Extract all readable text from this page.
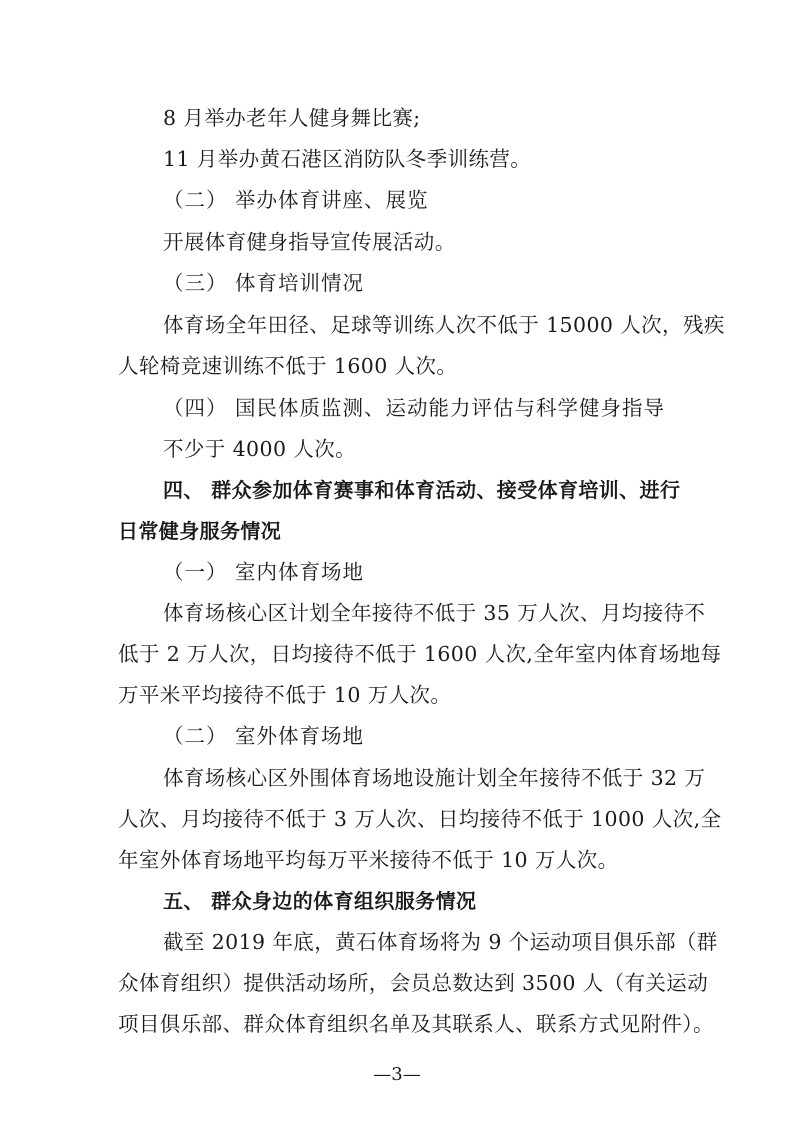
8 月举办老年人健身舞比赛;

11 月举办黄石港区消防队冬季训练营。

（二） 举办体育讲座、展览

开展体育健身指导宣传展活动。

（三） 体育培训情况

体育场全年田径、足球等训练人次不低于 15000 人次，残疾

人轮椅竞速训练不低于 1600 人次。

（四） 国民体质监测、运动能力评估与科学健身指导

不少于 4000 人次。

四、 群众参加体育赛事和体育活动、接受体育培训、进行

日常健身服务情况

（一） 室内体育场地

体育场核心区计划全年接待不低于 35 万人次、月均接待不

低于 2 万人次，日均接待不低于 1600 人次,全年室内体育场地每

万平米平均接待不低于 10 万人次。

（二） 室外体育场地

体育场核心区外围体育场地设施计划全年接待不低于 32 万

人次、月均接待不低于 3 万人次、日均接待不低于 1000 人次,全

年室外体育场地平均每万平米接待不低于 10 万人次。

五、 群众身边的体育组织服务情况

截至 2019 年底，黄石体育场将为 9 个运动项目俱乐部（群

众体育组织）提供活动场所，会员总数达到 3500 人（有关运动

项目俱乐部、群众体育组织名单及其联系人、联系方式见附件）。

—3—
